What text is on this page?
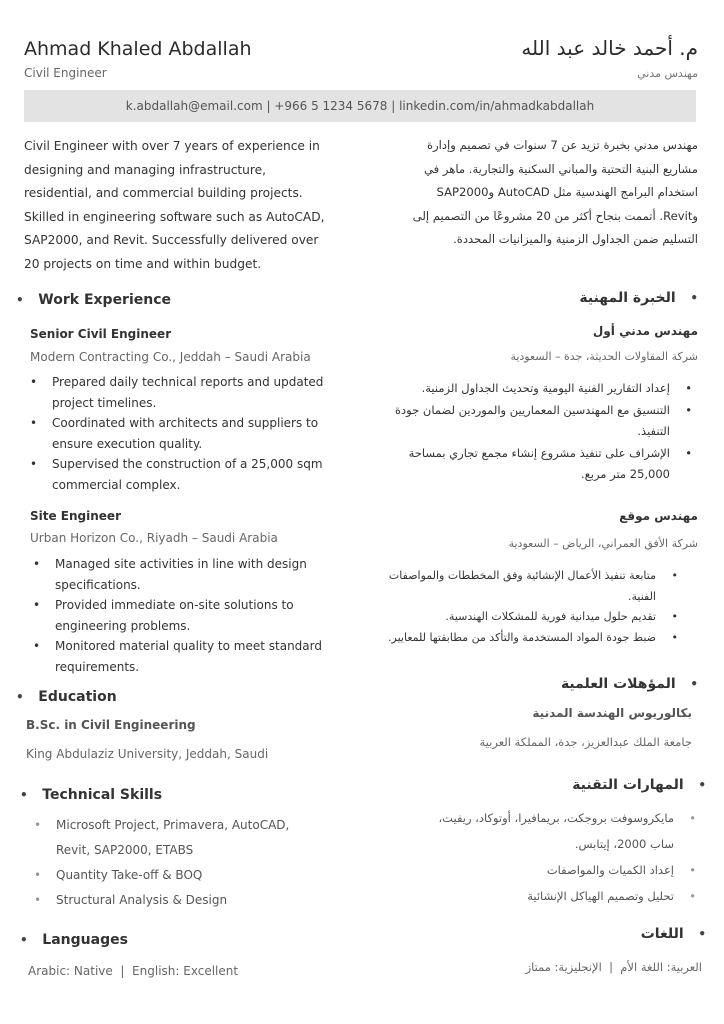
Ahmad Khaled Abdallah
Civil Engineer
م. أحمد خالد عبد الله
مهندس مدني
k.abdallah@email.com | +966 5 1234 5678 | linkedin.com/in/ahmadkabdallah
Civil Engineer with over 7 years of experience in
designing and managing infrastructure,
residential, and commercial building projects.
Skilled in engineering software such as AutoCAD,
SAP2000, and Revit. Successfully delivered over
20 projects on time and within budget.
مهندس مدني بخبرة تزيد عن 7 سنوات في تصميم وإدارة
مشاريع البنية التحتية والمباني السكنية والتجارية. ماهر في
استخدام البرامج الهندسية مثل AutoCAD وSAP2000
وRevit. أتممت بنجاح أكثر من 20 مشروعًا من التصميم إلى
التسليم ضمن الجداول الزمنية والميزانيات المحددة.
• Work Experience	•   الخبرة المهنية
Senior Civil Engineer
Modern Contracting Co., Jeddah – Saudi Arabia
• Prepared daily technical reports and updated
project timelines.
• Coordinated with architects and suppliers to
ensure execution quality.
• Supervised the construction of a 25,000 sqm
commercial complex.
مهندس مدني أول
شركة المقاولات الحديثة، جدة – السعودية
• إعداد التقارير الفنية اليومية وتحديث الجداول الزمنية.
• التنسيق مع المهندسين المعماريين والموردين لضمان جودة
التنفيذ.
• الإشراف على تنفيذ مشروع إنشاء مجمع تجاري بمساحة
25,000 متر مربع.
Site Engineer
Urban Horizon Co., Riyadh – Saudi Arabia
• Managed site activities in line with design
specifications.
• Provided immediate on-site solutions to
engineering problems.
• Monitored material quality to meet standard
requirements.
مهندس موقع
شركة الأفق العمراني، الرياض – السعودية
• متابعة تنفيذ الأعمال الإنشائية وفق المخططات والمواصفات
الفنية.
• تقديم حلول ميدانية فورية للمشكلات الهندسية.
• ضبط جودة المواد المستخدمة والتأكد من مطابقتها للمعايير.
• Education
B.Sc. in Civil Engineering
King Abdulaziz University, Jeddah, Saudi
•   المؤهلات العلمية
بكالوريوس الهندسة المدنية
جامعة الملك عبدالعزيز، جدة، المملكة العربية
• Technical Skills
• Microsoft Project, Primavera, AutoCAD,
Revit, SAP2000, ETABS
• Quantity Take-off & BOQ
• Structural Analysis & Design
•   المهارات التقنية
• مايكروسوفت بروجكت، بريمافيرا، أوتوكاد، ريفيت،
ساب 2000، إيتابس.
• إعداد الكميات والمواصفات
• تحليل وتصميم الهياكل الإنشائية
• Languages
Arabic: Native  |  English: Excellent
•   اللغات
العربية: اللغة الأم  |  الإنجليزية: ممتاز
